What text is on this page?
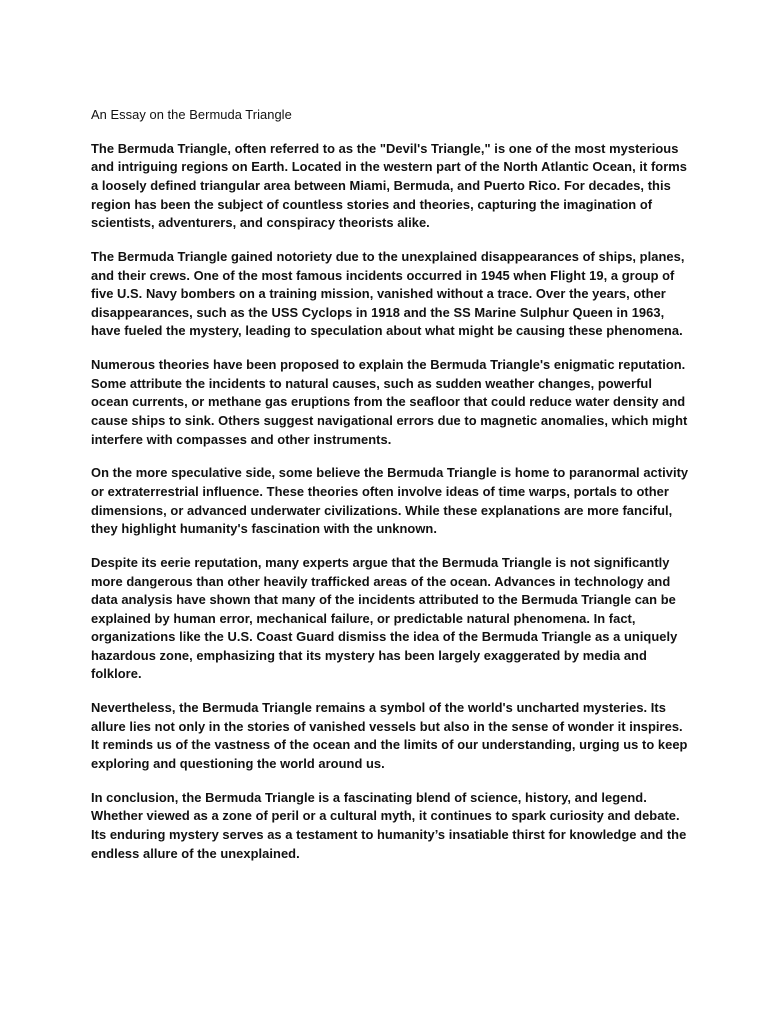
An Essay on the Bermuda Triangle

The Bermuda Triangle, often referred to as the "Devil's Triangle," is one of the most mysterious and intriguing regions on Earth. Located in the western part of the North Atlantic Ocean, it forms a loosely defined triangular area between Miami, Bermuda, and Puerto Rico. For decades, this region has been the subject of countless stories and theories, capturing the imagination of scientists, adventurers, and conspiracy theorists alike.

The Bermuda Triangle gained notoriety due to the unexplained disappearances of ships, planes, and their crews. One of the most famous incidents occurred in 1945 when Flight 19, a group of five U.S. Navy bombers on a training mission, vanished without a trace. Over the years, other disappearances, such as the USS Cyclops in 1918 and the SS Marine Sulphur Queen in 1963, have fueled the mystery, leading to speculation about what might be causing these phenomena.

Numerous theories have been proposed to explain the Bermuda Triangle's enigmatic reputation. Some attribute the incidents to natural causes, such as sudden weather changes, powerful ocean currents, or methane gas eruptions from the seafloor that could reduce water density and cause ships to sink. Others suggest navigational errors due to magnetic anomalies, which might interfere with compasses and other instruments.

On the more speculative side, some believe the Bermuda Triangle is home to paranormal activity or extraterrestrial influence. These theories often involve ideas of time warps, portals to other dimensions, or advanced underwater civilizations. While these explanations are more fanciful, they highlight humanity's fascination with the unknown.

Despite its eerie reputation, many experts argue that the Bermuda Triangle is not significantly more dangerous than other heavily trafficked areas of the ocean. Advances in technology and data analysis have shown that many of the incidents attributed to the Bermuda Triangle can be explained by human error, mechanical failure, or predictable natural phenomena. In fact, organizations like the U.S. Coast Guard dismiss the idea of the Bermuda Triangle as a uniquely hazardous zone, emphasizing that its mystery has been largely exaggerated by media and folklore.

Nevertheless, the Bermuda Triangle remains a symbol of the world's uncharted mysteries. Its allure lies not only in the stories of vanished vessels but also in the sense of wonder it inspires. It reminds us of the vastness of the ocean and the limits of our understanding, urging us to keep exploring and questioning the world around us.

In conclusion, the Bermuda Triangle is a fascinating blend of science, history, and legend. Whether viewed as a zone of peril or a cultural myth, it continues to spark curiosity and debate. Its enduring mystery serves as a testament to humanity’s insatiable thirst for knowledge and the endless allure of the unexplained.
